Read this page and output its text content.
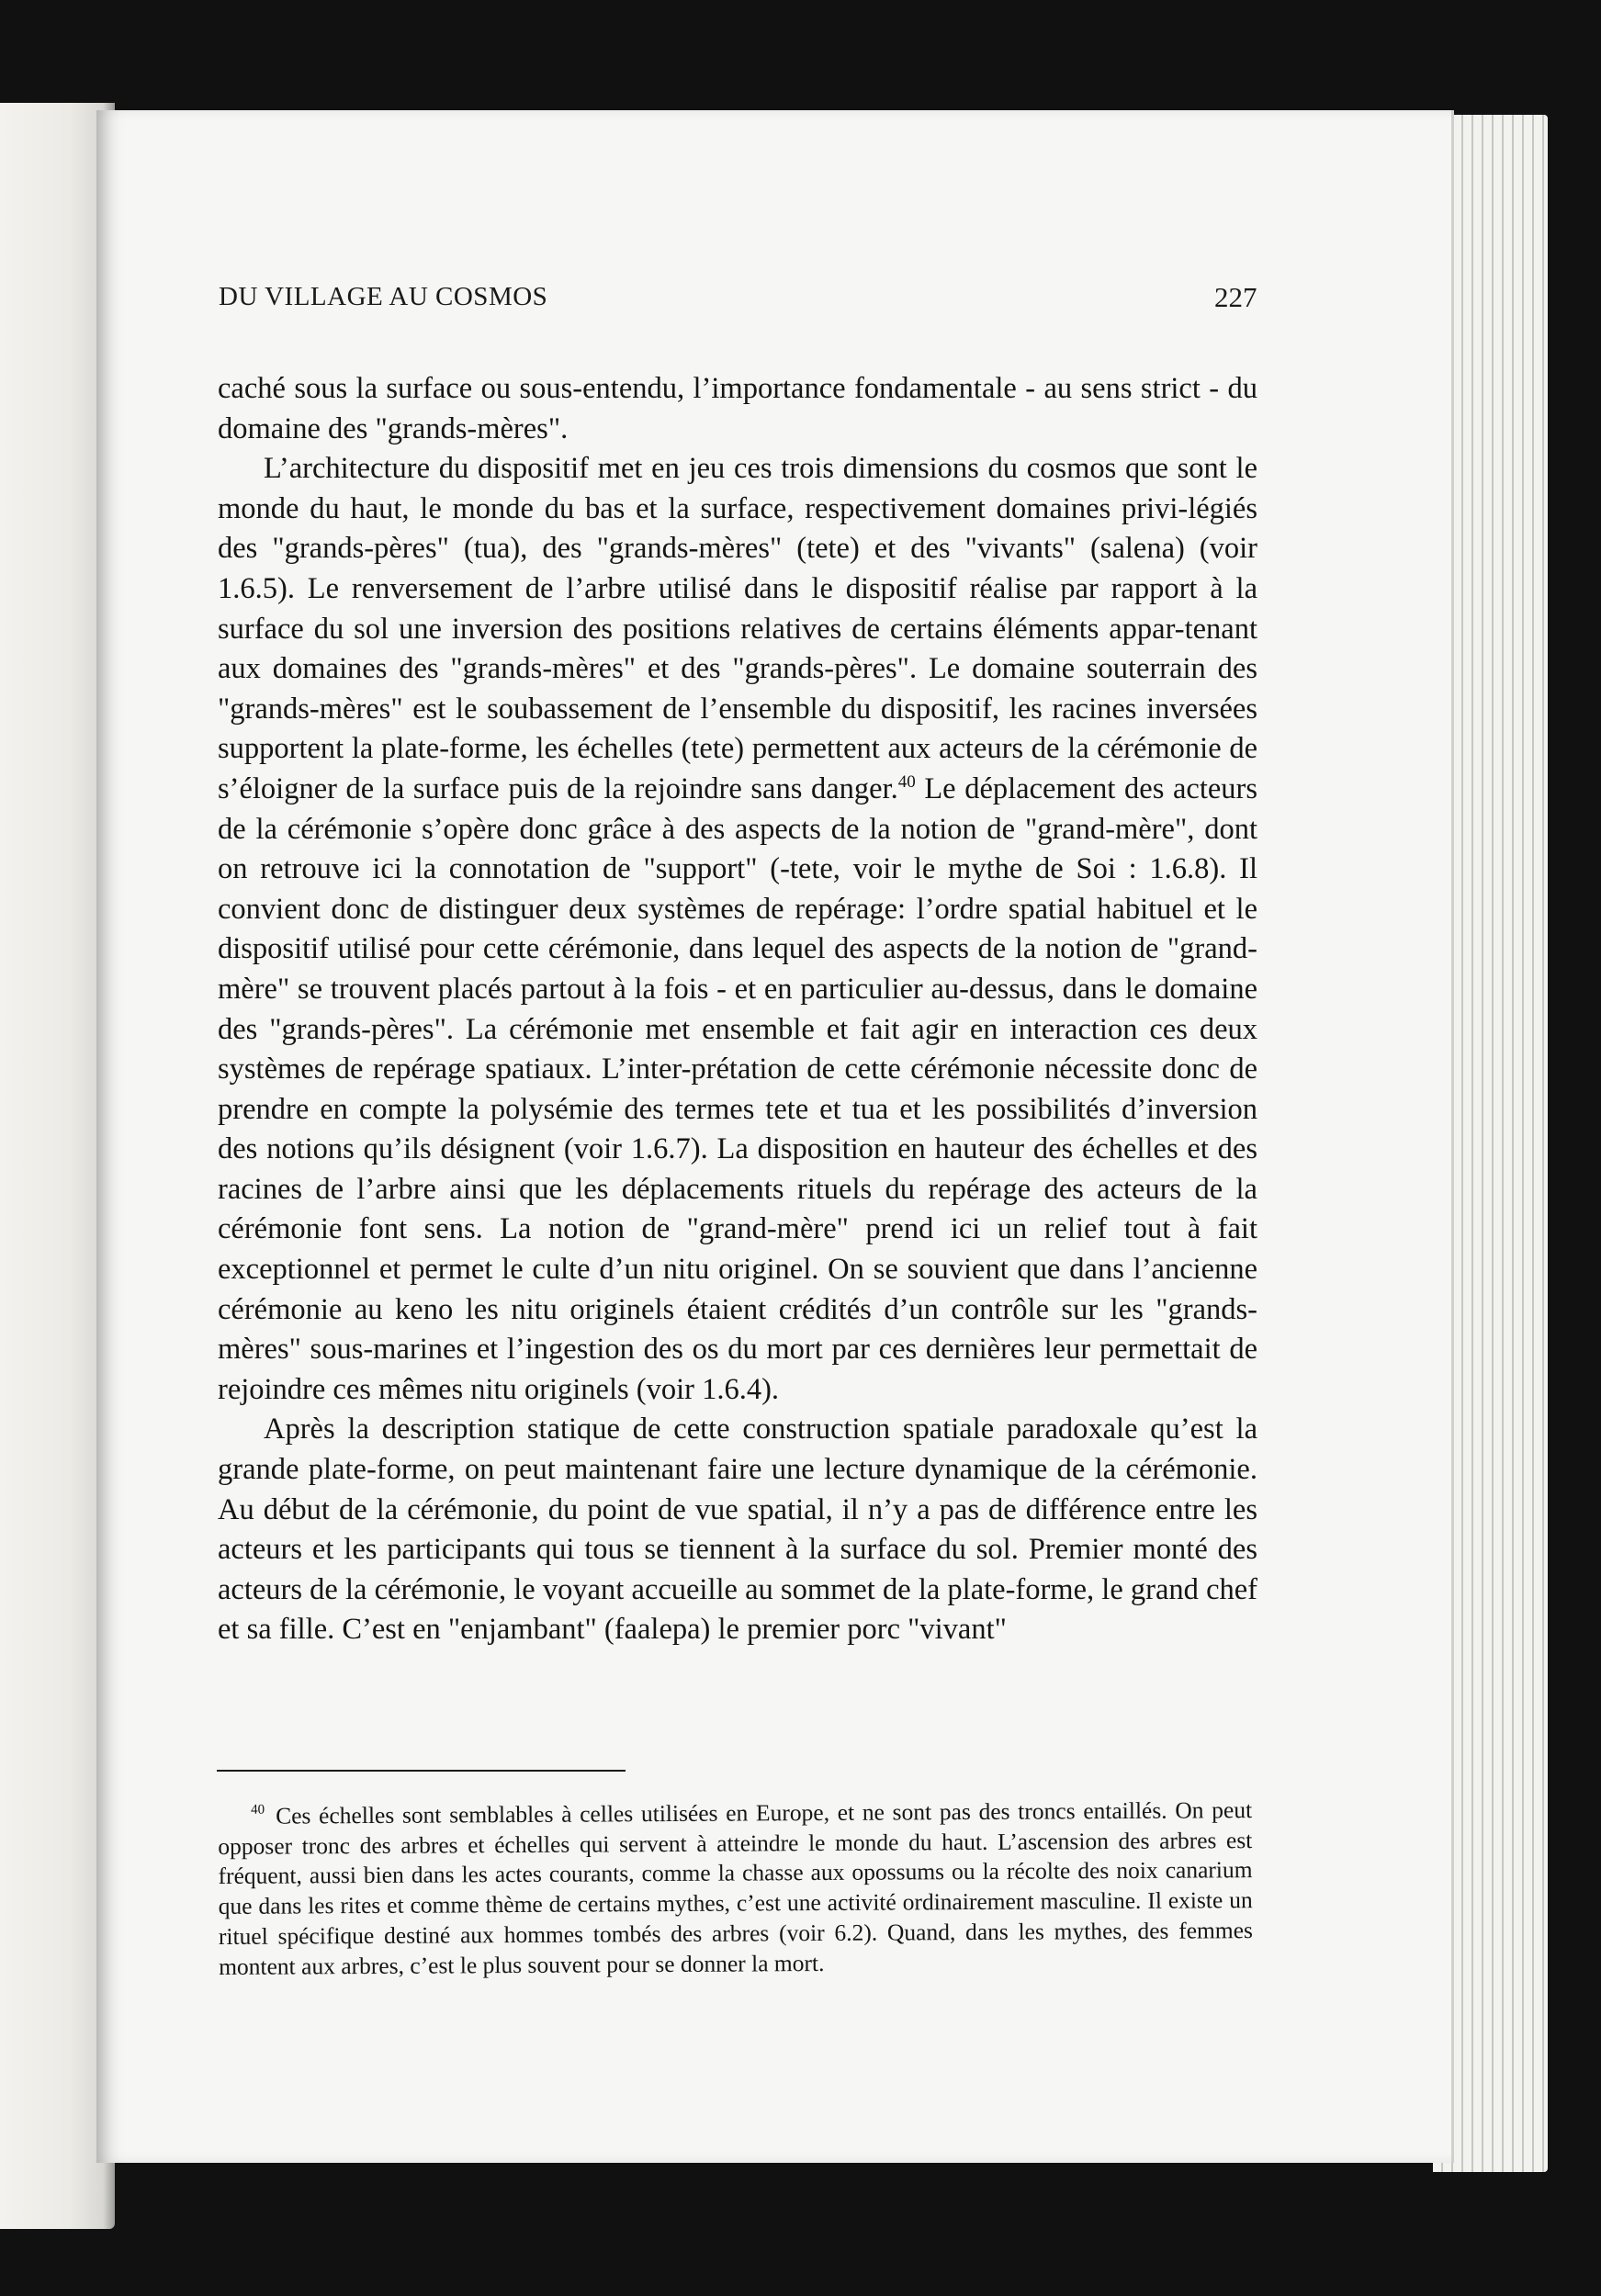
DU VILLAGE AU COSMOS	227

caché sous la surface ou sous-entendu, l’importance fondamentale - au sens strict - du domaine des "grands-mères".

L’architecture du dispositif met en jeu ces trois dimensions du cosmos que sont le monde du haut, le monde du bas et la surface, respectivement domaines privi-légiés des "grands-pères" (tua), des "grands-mères" (tete) et des "vivants" (salena) (voir 1.6.5). Le renversement de l’arbre utilisé dans le dispositif réalise par rapport à la surface du sol une inversion des positions relatives de certains éléments appar-tenant aux domaines des "grands-mères" et des "grands-pères". Le domaine souterrain des "grands-mères" est le soubassement de l’ensemble du dispositif, les racines inversées supportent la plate-forme, les échelles (tete) permettent aux acteurs de la cérémonie de s’éloigner de la surface puis de la rejoindre sans danger.$^{40}$ Le déplacement des acteurs de la cérémonie s’opère donc grâce à des aspects de la notion de "grand-mère", dont on retrouve ici la connotation de "support" (-tete, voir le mythe de Soi : 1.6.8). Il convient donc de distinguer deux systèmes de repérage: l’ordre spatial habituel et le dispositif utilisé pour cette cérémonie, dans lequel des aspects de la notion de "grand-mère" se trouvent placés partout à la fois - et en particulier au-dessus, dans le domaine des "grands-pères". La cérémonie met ensemble et fait agir en interaction ces deux systèmes de repérage spatiaux. L’inter-prétation de cette cérémonie nécessite donc de prendre en compte la polysémie des termes tete et tua et les possibilités d’inversion des notions qu’ils désignent (voir 1.6.7). La disposition en hauteur des échelles et des racines de l’arbre ainsi que les déplacements rituels du repérage des acteurs de la cérémonie font sens. La notion de "grand-mère" prend ici un relief tout à fait exceptionnel et permet le culte d’un nitu originel. On se souvient que dans l’ancienne cérémonie au keno les nitu originels étaient crédités d’un contrôle sur les "grands-mères" sous-marines et l’ingestion des os du mort par ces dernières leur permettait de rejoindre ces mêmes nitu originels (voir 1.6.4).

Après la description statique de cette construction spatiale paradoxale qu’est la grande plate-forme, on peut maintenant faire une lecture dynamique de la cérémonie. Au début de la cérémonie, du point de vue spatial, il n’y a pas de différence entre les acteurs et les participants qui tous se tiennent à la surface du sol. Premier monté des acteurs de la cérémonie, le voyant accueille au sommet de la plate-forme, le grand chef et sa fille. C’est en "enjambant" (faalepa) le premier porc "vivant"

$^{40}$ Ces échelles sont semblables à celles utilisées en Europe, et ne sont pas des troncs entaillés. On peut opposer tronc des arbres et échelles qui servent à atteindre le monde du haut. L’ascension des arbres est fréquent, aussi bien dans les actes courants, comme la chasse aux opossums ou la récolte des noix canarium que dans les rites et comme thème de certains mythes, c’est une activité ordinairement masculine. Il existe un rituel spécifique destiné aux hommes tombés des arbres (voir 6.2). Quand, dans les mythes, des femmes montent aux arbres, c’est le plus souvent pour se donner la mort.
